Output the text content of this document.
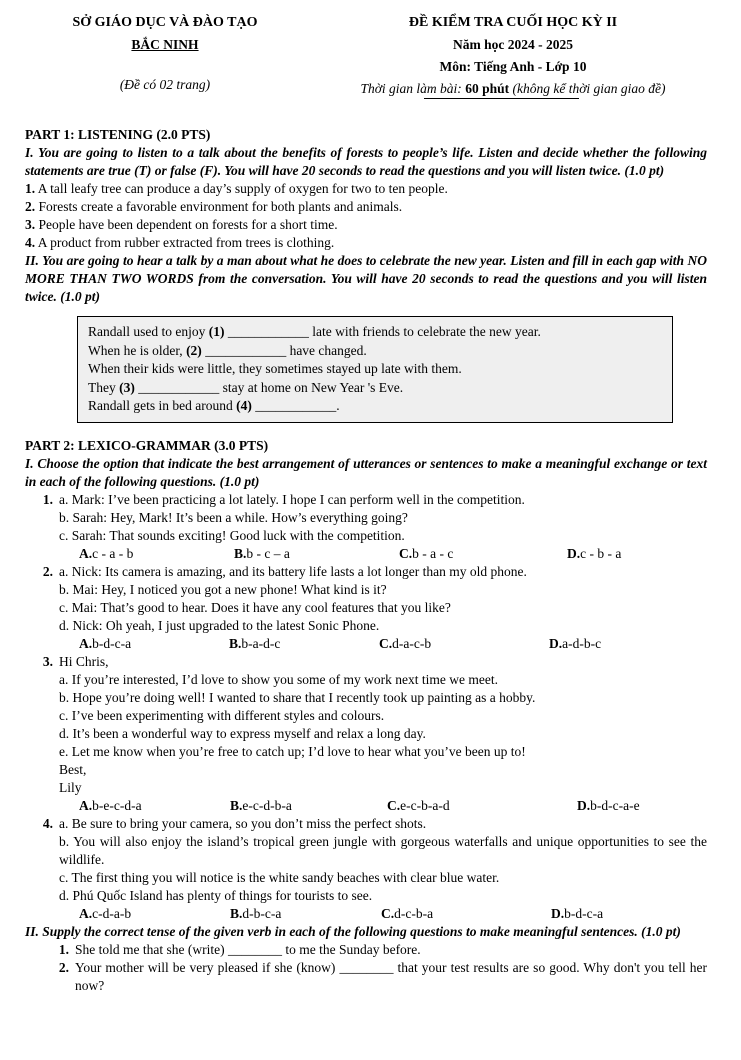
SỞ GIÁO DỤC VÀ ĐÀO TẠO
BẮC NINH
(Đề có 02 trang)
ĐỀ KIỂM TRA CUỐI HỌC KỲ II
Năm học 2024 - 2025
Môn: Tiếng Anh - Lớp 10
Thời gian làm bài: 60 phút (không kể thời gian giao đề)
PART 1: LISTENING (2.0 PTS)
I. You are going to listen to a talk about the benefits of forests to people’s life. Listen and decide whether the following statements are true (T) or false (F). You will have 20 seconds to read the questions and you will listen twice. (1.0 pt)
1. A tall leafy tree can produce a day’s supply of oxygen for two to ten people.
2. Forests create a favorable environment for both plants and animals.
3. People have been dependent on forests for a short time.
4. A product from rubber extracted from trees is clothing.
II. You are going to hear a talk by a man about what he does to celebrate the new year. Listen and fill in each gap with NO MORE THAN TWO WORDS from the conversation. You will have 20 seconds to read the questions and you will listen twice. (1.0 pt)
Randall used to enjoy (1) ____________ late with friends to celebrate the new year.
When he is older, (2) ____________ have changed.
When their kids were little, they sometimes stayed up late with them.
They (3) ____________ stay at home on New Year 's Eve.
Randall gets in bed around (4) ____________.
PART 2: LEXICO-GRAMMAR (3.0 PTS)
I. Choose the option that indicate the best arrangement of utterances or sentences to make a meaningful exchange or text in each of the following questions. (1.0 pt)
1. a. Mark: I’ve been practicing a lot lately. I hope I can perform well in the competition.
b. Sarah: Hey, Mark! It’s been a while. How’s everything going?
c. Sarah: That sounds exciting! Good luck with the competition.
A.c - a - b	B.b - c – a	C.b - a - c	D.c - b - a
2. a. Nick: Its camera is amazing, and its battery life lasts a lot longer than my old phone.
b. Mai: Hey, I noticed you got a new phone! What kind is it?
c. Mai: That’s good to hear. Does it have any cool features that you like?
d. Nick: Oh yeah, I just upgraded to the latest Sonic Phone.
A.b-d-c-a	B.b-a-d-c	C.d-a-c-b	D.a-d-b-c
3. Hi Chris,
a. If you’re interested, I’d love to show you some of my work next time we meet.
b. Hope you’re doing well! I wanted to share that I recently took up painting as a hobby.
c. I’ve been experimenting with different styles and colours.
d. It’s been a wonderful way to express myself and relax a long day.
e. Let me know when you’re free to catch up; I’d love to hear what you’ve been up to!
Best,
Lily
A.b-e-c-d-a	B.e-c-d-b-a	C.e-c-b-a-d	D.b-d-c-a-e
4. a. Be sure to bring your camera, so you don’t miss the perfect shots.
b. You will also enjoy the island’s tropical green jungle with gorgeous waterfalls and unique opportunities to see the wildlife.
c. The first thing you will notice is the white sandy beaches with clear blue water.
d. Phú Quốc Island has plenty of things for tourists to see.
A.c-d-a-b	B.d-b-c-a	C.d-c-b-a	D.b-d-c-a
II. Supply the correct tense of the given verb in each of the following questions to make meaningful sentences. (1.0 pt)
1. She told me that she (write) ________ to me the Sunday before.
2. Your mother will be very pleased if she (know) ________ that your test results are so good. Why don't you tell her now?
